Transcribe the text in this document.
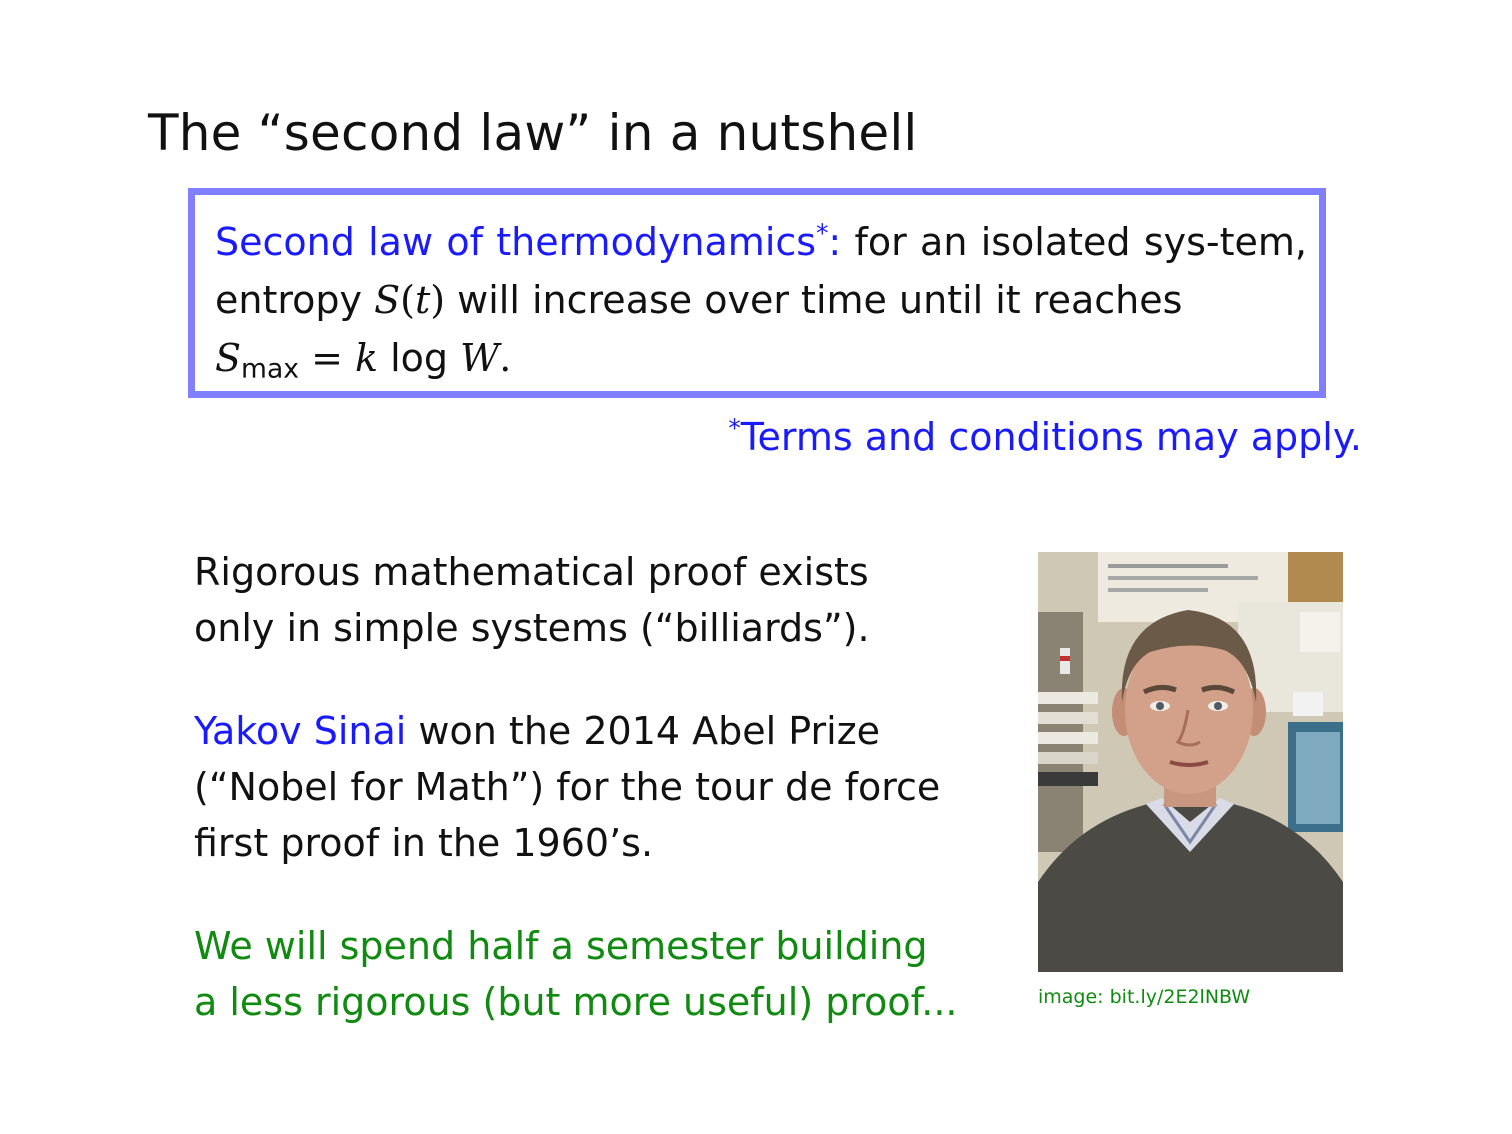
The “second law” in a nutshell
Second law of thermodynamics*: for an isolated sys-tem, entropy S(t) will increase over time until it reaches
$S_{max} = k$ log W.
*Terms and conditions may apply.
Rigorous mathematical proof exists
only in simple systems (“billiards”).
Yakov Sinai won the 2014 Abel Prize
(“Nobel for Math”) for the tour de force
first proof in the 1960’s.
We will spend half a semester building
a less rigorous (but more useful) proof...	image: bit.ly/2E2lNBW
